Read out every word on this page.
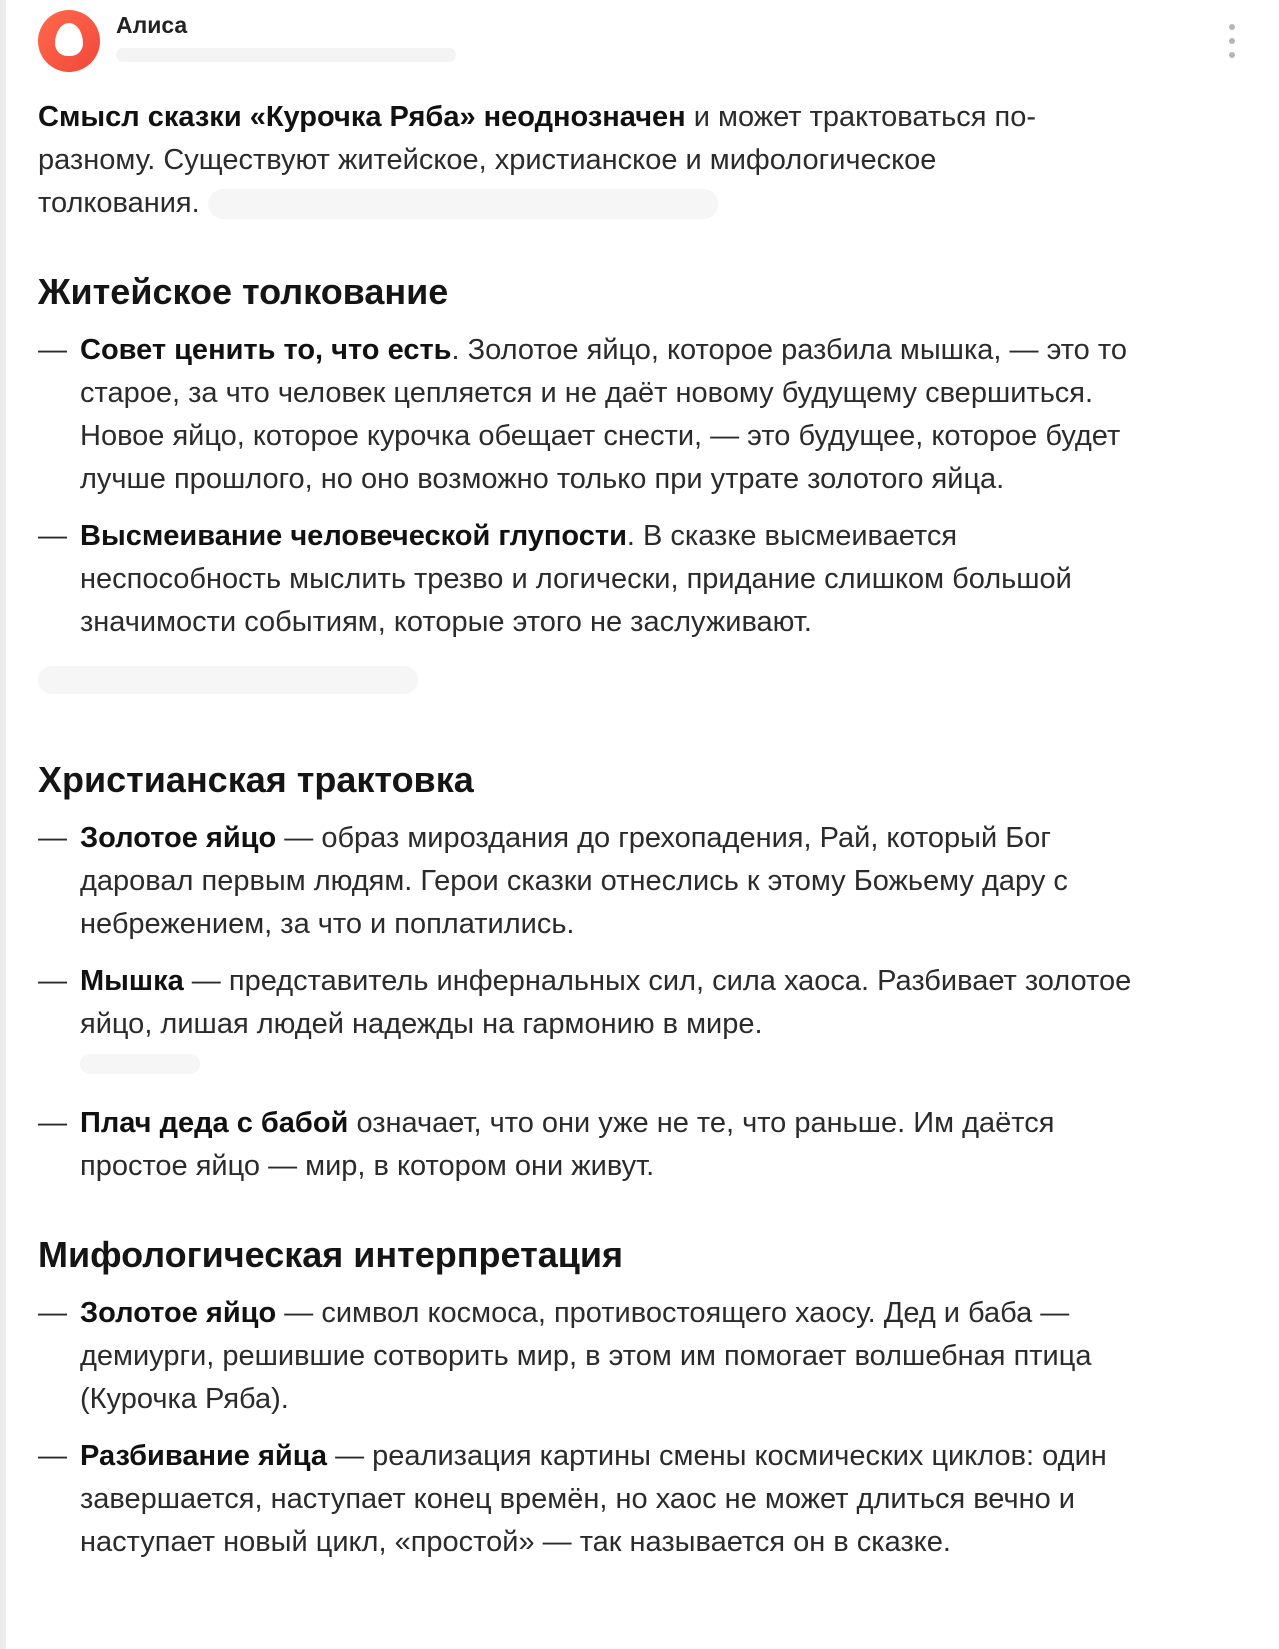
Алиса

Смысл сказки «Курочка Ряба» неоднозначен и может трактоваться по-
разному. Существуют житейское, христианское и мифологическое
толкования.

Житейское толкование
— Совет ценить то, что есть. Золотое яйцо, которое разбила мышка, — это то
старое, за что человек цепляется и не даёт новому будущему свершиться.
Новое яйцо, которое курочка обещает снести, — это будущее, которое будет
лучше прошлого, но оно возможно только при утрате золотого яйца.
— Высмеивание человеческой глупости. В сказке высмеивается
неспособность мыслить трезво и логически, придание слишком большой
значимости событиям, которые этого не заслуживают.
Христианская трактовка
— Золотое яйцо — образ мироздания до грехопадения, Рай, который Бог
даровал первым людям. Герои сказки отнеслись к этому Божьему дару с
небрежением, за что и поплатились.
— Мышка — представитель инфернальных сил, сила хаоса. Разбивает золотое
яйцо, лишая людей надежды на гармонию в мире.
— Плач деда с бабой означает, что они уже не те, что раньше. Им даётся
простое яйцо — мир, в котором они живут.
Мифологическая интерпретация
— Золотое яйцо — символ космоса, противостоящего хаосу. Дед и баба —
демиурги, решившие сотворить мир, в этом им помогает волшебная птица
(Курочка Ряба).
— Разбивание яйца — реализация картины смены космических циклов: один
завершается, наступает конец времён, но хаос не может длиться вечно и
наступает новый цикл, «простой» — так называется он в сказке.
